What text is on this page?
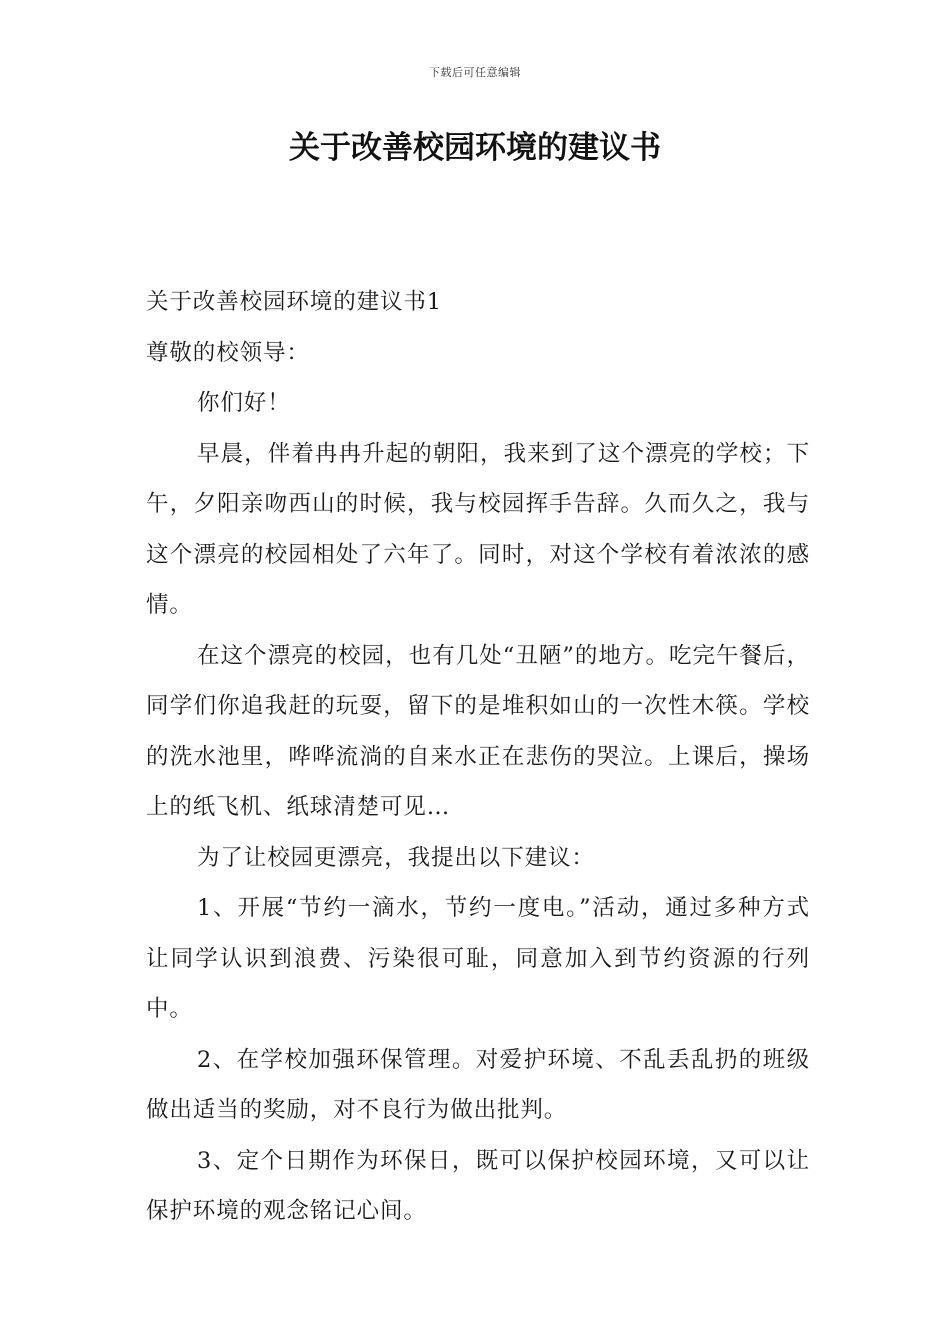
下载后可任意编辑
关于改善校园环境的建议书

关于改善校园环境的建议书1

尊敬的校领导：

你们好！

早晨，伴着冉冉升起的朝阳，我来到了这个漂亮的学校；下午，夕阳亲吻西山的时候，我与校园挥手告辞。久而久之，我与这个漂亮的校园相处了六年了。同时，对这个学校有着浓浓的感情。

在这个漂亮的校园，也有几处“丑陋”的地方。吃完午餐后，同学们你追我赶的玩耍，留下的是堆积如山的一次性木筷。学校的洗水池里，哗哗流淌的自来水正在悲伤的哭泣。上课后，操场上的纸飞机、纸球清楚可见…

为了让校园更漂亮，我提出以下建议：

1、开展“节约一滴水，节约一度电。”活动，通过多种方式让同学认识到浪费、污染很可耻，同意加入到节约资源的行列中。

2、在学校加强环保管理。对爱护环境、不乱丢乱扔的班级做出适当的奖励，对不良行为做出批判。

3、定个日期作为环保日，既可以保护校园环境，又可以让保护环境的观念铭记心间。
